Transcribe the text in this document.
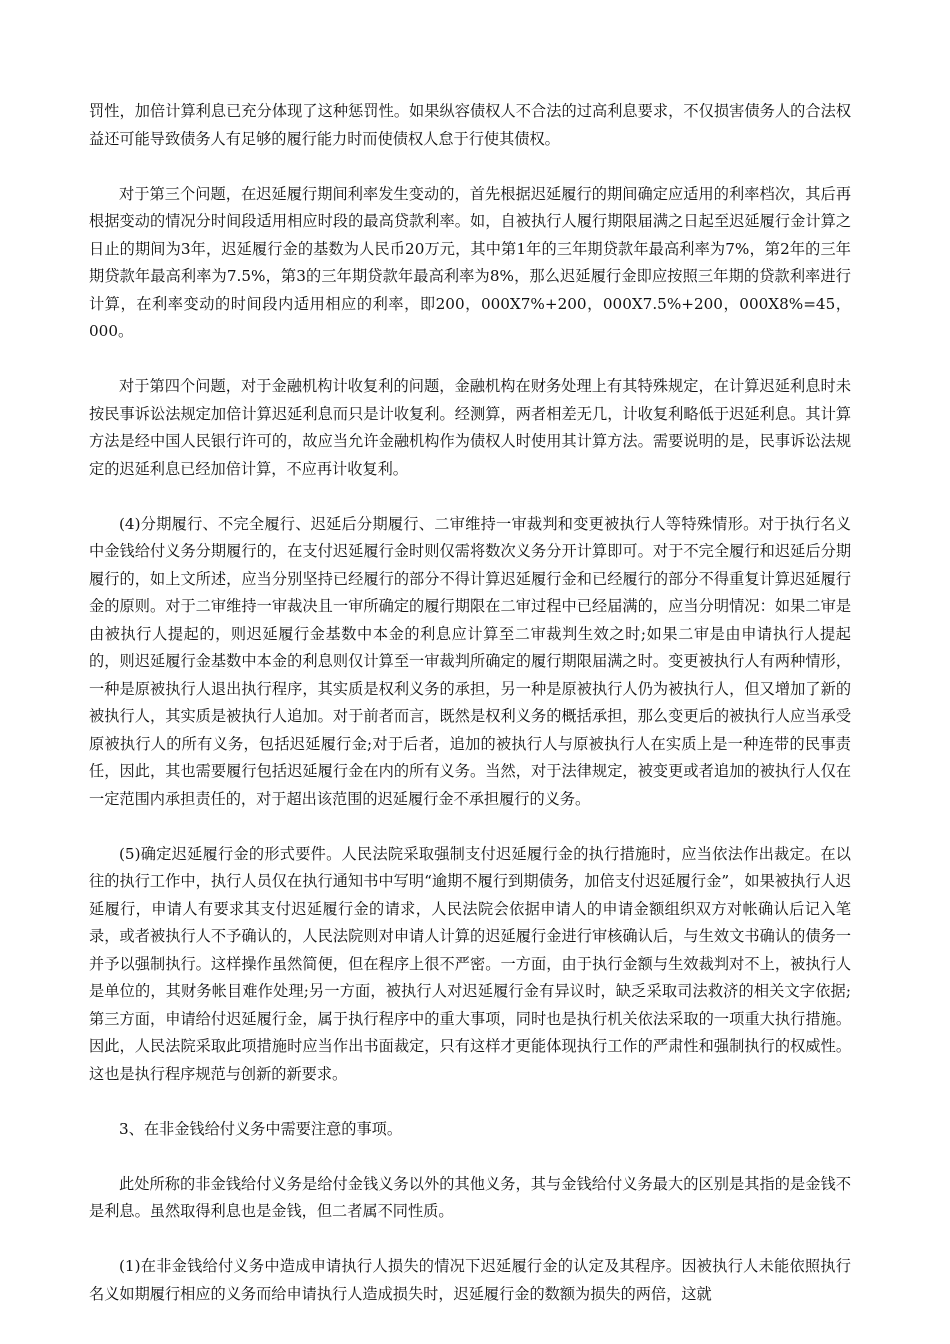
罚性，加倍计算利息已充分体现了这种惩罚性。如果纵容债权人不合法的过高利息要求，不仅损害债务人的合法权益还可能导致债务人有足够的履行能力时而使债权人怠于行使其债权。

对于第三个问题，在迟延履行期间利率发生变动的，首先根据迟延履行的期间确定应适用的利率档次，其后再根据变动的情况分时间段适用相应时段的最高贷款利率。如，自被执行人履行期限届满之日起至迟延履行金计算之日止的期间为3年，迟延履行金的基数为人民币20万元，其中第1年的三年期贷款年最高利率为7%，第2年的三年期贷款年最高利率为7.5%，第3的三年期贷款年最高利率为8%，那么迟延履行金即应按照三年期的贷款利率进行计算，在利率变动的时间段内适用相应的利率，即200，000X7%+200，000X7.5%+200，000X8%=45，000。

对于第四个问题，对于金融机构计收复利的问题，金融机构在财务处理上有其特殊规定，在计算迟延利息时未按民事诉讼法规定加倍计算迟延利息而只是计收复利。经测算，两者相差无几，计收复利略低于迟延利息。其计算方法是经中国人民银行许可的，故应当允许金融机构作为债权人时使用其计算方法。需要说明的是，民事诉讼法规定的迟延利息已经加倍计算，不应再计收复利。

(4)分期履行、不完全履行、迟延后分期履行、二审维持一审裁判和变更被执行人等特殊情形。对于执行名义中金钱给付义务分期履行的，在支付迟延履行金时则仅需将数次义务分开计算即可。对于不完全履行和迟延后分期履行的，如上文所述，应当分别坚持已经履行的部分不得计算迟延履行金和已经履行的部分不得重复计算迟延履行金的原则。对于二审维持一审裁决且一审所确定的履行期限在二审过程中已经届满的，应当分明情况：如果二审是由被执行人提起的，则迟延履行金基数中本金的利息应计算至二审裁判生效之时;如果二审是由申请执行人提起的，则迟延履行金基数中本金的利息则仅计算至一审裁判所确定的履行期限届满之时。变更被执行人有两种情形，一种是原被执行人退出执行程序，其实质是权利义务的承担，另一种是原被执行人仍为被执行人，但又增加了新的被执行人，其实质是被执行人追加。对于前者而言，既然是权利义务的概括承担，那么变更后的被执行人应当承受原被执行人的所有义务，包括迟延履行金;对于后者，追加的被执行人与原被执行人在实质上是一种连带的民事责任，因此，其也需要履行包括迟延履行金在内的所有义务。当然，对于法律规定，被变更或者追加的被执行人仅在一定范围内承担责任的，对于超出该范围的迟延履行金不承担履行的义务。

(5)确定迟延履行金的形式要件。人民法院采取强制支付迟延履行金的执行措施时，应当依法作出裁定。在以往的执行工作中，执行人员仅在执行通知书中写明“逾期不履行到期债务，加倍支付迟延履行金”，如果被执行人迟延履行，申请人有要求其支付迟延履行金的请求，人民法院会依据申请人的申请金额组织双方对帐确认后记入笔录，或者被执行人不予确认的，人民法院则对申请人计算的迟延履行金进行审核确认后，与生效文书确认的债务一并予以强制执行。这样操作虽然简便，但在程序上很不严密。一方面，由于执行金额与生效裁判对不上，被执行人是单位的，其财务帐目难作处理;另一方面，被执行人对迟延履行金有异议时，缺乏采取司法救济的相关文字依据;第三方面，申请给付迟延履行金，属于执行程序中的重大事项，同时也是执行机关依法采取的一项重大执行措施。因此，人民法院采取此项措施时应当作出书面裁定，只有这样才更能体现执行工作的严肃性和强制执行的权威性。这也是执行程序规范与创新的新要求。

3、在非金钱给付义务中需要注意的事项。

此处所称的非金钱给付义务是给付金钱义务以外的其他义务，其与金钱给付义务最大的区别是其指的是金钱不是利息。虽然取得利息也是金钱，但二者属不同性质。

(1)在非金钱给付义务中造成申请执行人损失的情况下迟延履行金的认定及其程序。因被执行人未能依照执行名义如期履行相应的义务而给申请执行人造成损失时，迟延履行金的数额为损失的两倍，这就
